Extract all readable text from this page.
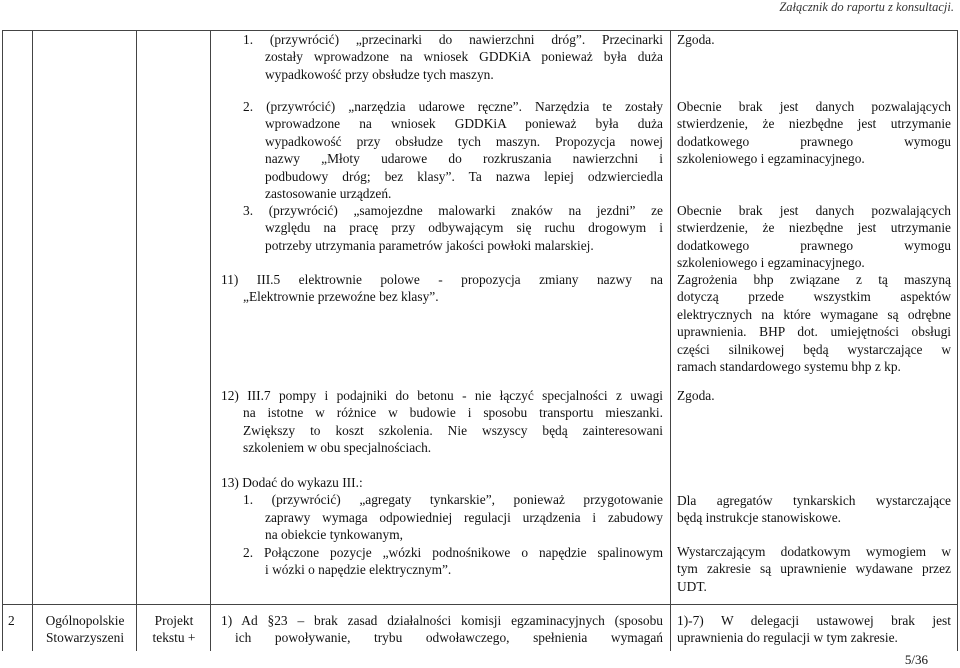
Załącznik do raportu z konsultacji.
1. (przywrócić) „przecinarki do nawierzchni dróg”. Przecinarki
zostały wprowadzone na wniosek GDDKiA ponieważ była duża
wypadkowość przy obsłudze tych maszyn.
2. (przywrócić) „narzędzia udarowe ręczne”. Narzędzia te zostały
wprowadzone na wniosek GDDKiA ponieważ była duża
wypadkowość przy obsłudze tych maszyn. Propozycja nowej
nazwy „Młoty udarowe do rozkruszania nawierzchni i
podbudowy dróg; bez klasy”. Ta nazwa lepiej odzwierciedla
zastosowanie urządzeń.
3. (przywrócić) „samojezdne malowarki znaków na jezdni” ze
względu na pracę przy odbywającym się ruchu drogowym i
potrzeby utrzymania parametrów jakości powłoki malarskiej.
11) III.5 elektrownie polowe - propozycja zmiany nazwy na
„Elektrownie przewoźne bez klasy”.
12) III.7 pompy i podajniki do betonu - nie łączyć specjalności z uwagi
na istotne w różnice w budowie i sposobu transportu mieszanki.
Zwiększy to koszt szkolenia. Nie wszyscy będą zainteresowani
szkoleniem w obu specjalnościach.
13) Dodać do wykazu III.:
1. (przywrócić) „agregaty tynkarskie”, ponieważ przygotowanie
zaprawy wymaga odpowiedniej regulacji urządzenia i zabudowy
na obiekcie tynkowanym,
2. Połączone pozycje „wózki podnośnikowe o napędzie spalinowym
i wózki o napędzie elektrycznym”.
1) Ad §23 – brak zasad działalności komisji egzaminacyjnych (sposobu
ich powoływanie, trybu odwoławczego, spełnienia wymagań
Zgoda.
Obecnie brak jest danych pozwalających
stwierdzenie, że niezbędne jest utrzymanie
dodatkowego prawnego wymogu
szkoleniowego i egzaminacyjnego.
Obecnie brak jest danych pozwalających
stwierdzenie, że niezbędne jest utrzymanie
dodatkowego prawnego wymogu
szkoleniowego i egzaminacyjnego.
Zagrożenia bhp związane z tą maszyną
dotyczą przede wszystkim aspektów
elektrycznych na które wymagane są odrębne
uprawnienia. BHP dot. umiejętności obsługi
części silnikowej będą wystarczające w
ramach standardowego systemu bhp z kp.
Zgoda.
Dla agregatów tynkarskich wystarczające
będą instrukcje stanowiskowe.
Wystarczającym dodatkowym wymogiem w
tym zakresie są uprawnienie wydawane przez
UDT.
1)-7) W delegacji ustawowej brak jest
uprawnienia do regulacji w tym zakresie.
2	Ogólnopolskie
Stowarzyszeni
Projekt
tekstu +
5/36
